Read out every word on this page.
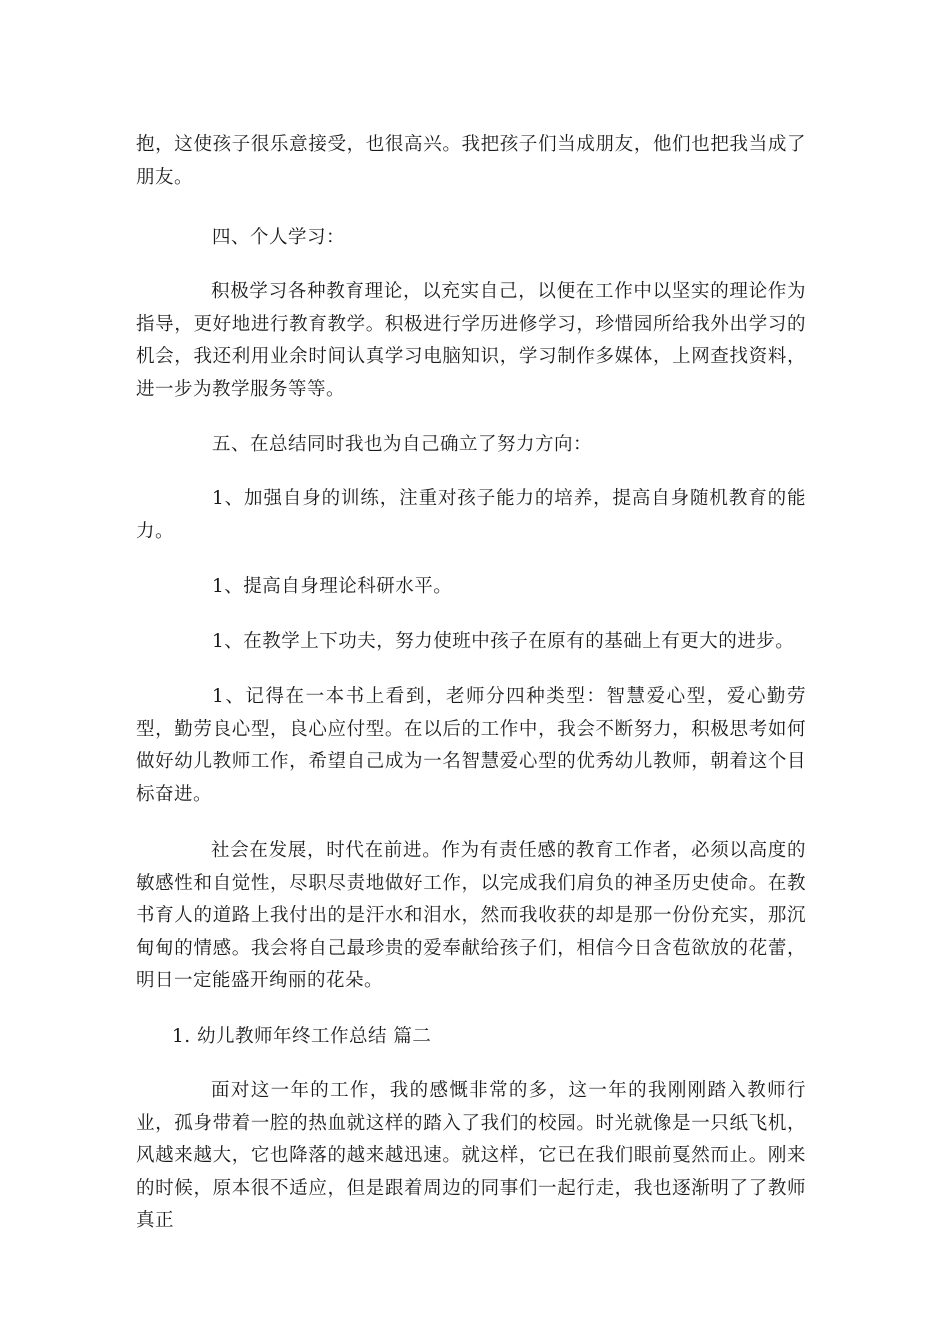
抱，这使孩子很乐意接受，也很高兴。我把孩子们当成朋友，他们也把我当成了朋友。

四、个人学习：

积极学习各种教育理论，以充实自己，以便在工作中以坚实的理论作为指导，更好地进行教育教学。积极进行学历进修学习，珍惜园所给我外出学习的机会，我还利用业余时间认真学习电脑知识，学习制作多媒体，上网查找资料，进一步为教学服务等等。

五、在总结同时我也为自己确立了努力方向：

1、加强自身的训练，注重对孩子能力的培养，提高自身随机教育的能力。

1、提高自身理论科研水平。

1、在教学上下功夫，努力使班中孩子在原有的基础上有更大的进步。

1、记得在一本书上看到，老师分四种类型：智慧爱心型，爱心勤劳型，勤劳良心型，良心应付型。在以后的工作中，我会不断努力，积极思考如何做好幼儿教师工作，希望自己成为一名智慧爱心型的优秀幼儿教师，朝着这个目标奋进。

社会在发展，时代在前进。作为有责任感的教育工作者，必须以高度的敏感性和自觉性，尽职尽责地做好工作，以完成我们肩负的神圣历史使命。在教书育人的道路上我付出的是汗水和泪水，然而我收获的却是那一份份充实，那沉甸甸的情感。我会将自己最珍贵的爱奉献给孩子们，相信今日含苞欲放的花蕾，明日一定能盛开绚丽的花朵。

1. 幼儿教师年终工作总结 篇二

面对这一年的工作，我的感慨非常的多，这一年的我刚刚踏入教师行业，孤身带着一腔的热血就这样的踏入了我们的校园。时光就像是一只纸飞机，风越来越大，它也降落的越来越迅速。就这样，它已在我们眼前戛然而止。刚来的时候，原本很不适应，但是跟着周边的同事们一起行走，我也逐渐明了了教师真正
